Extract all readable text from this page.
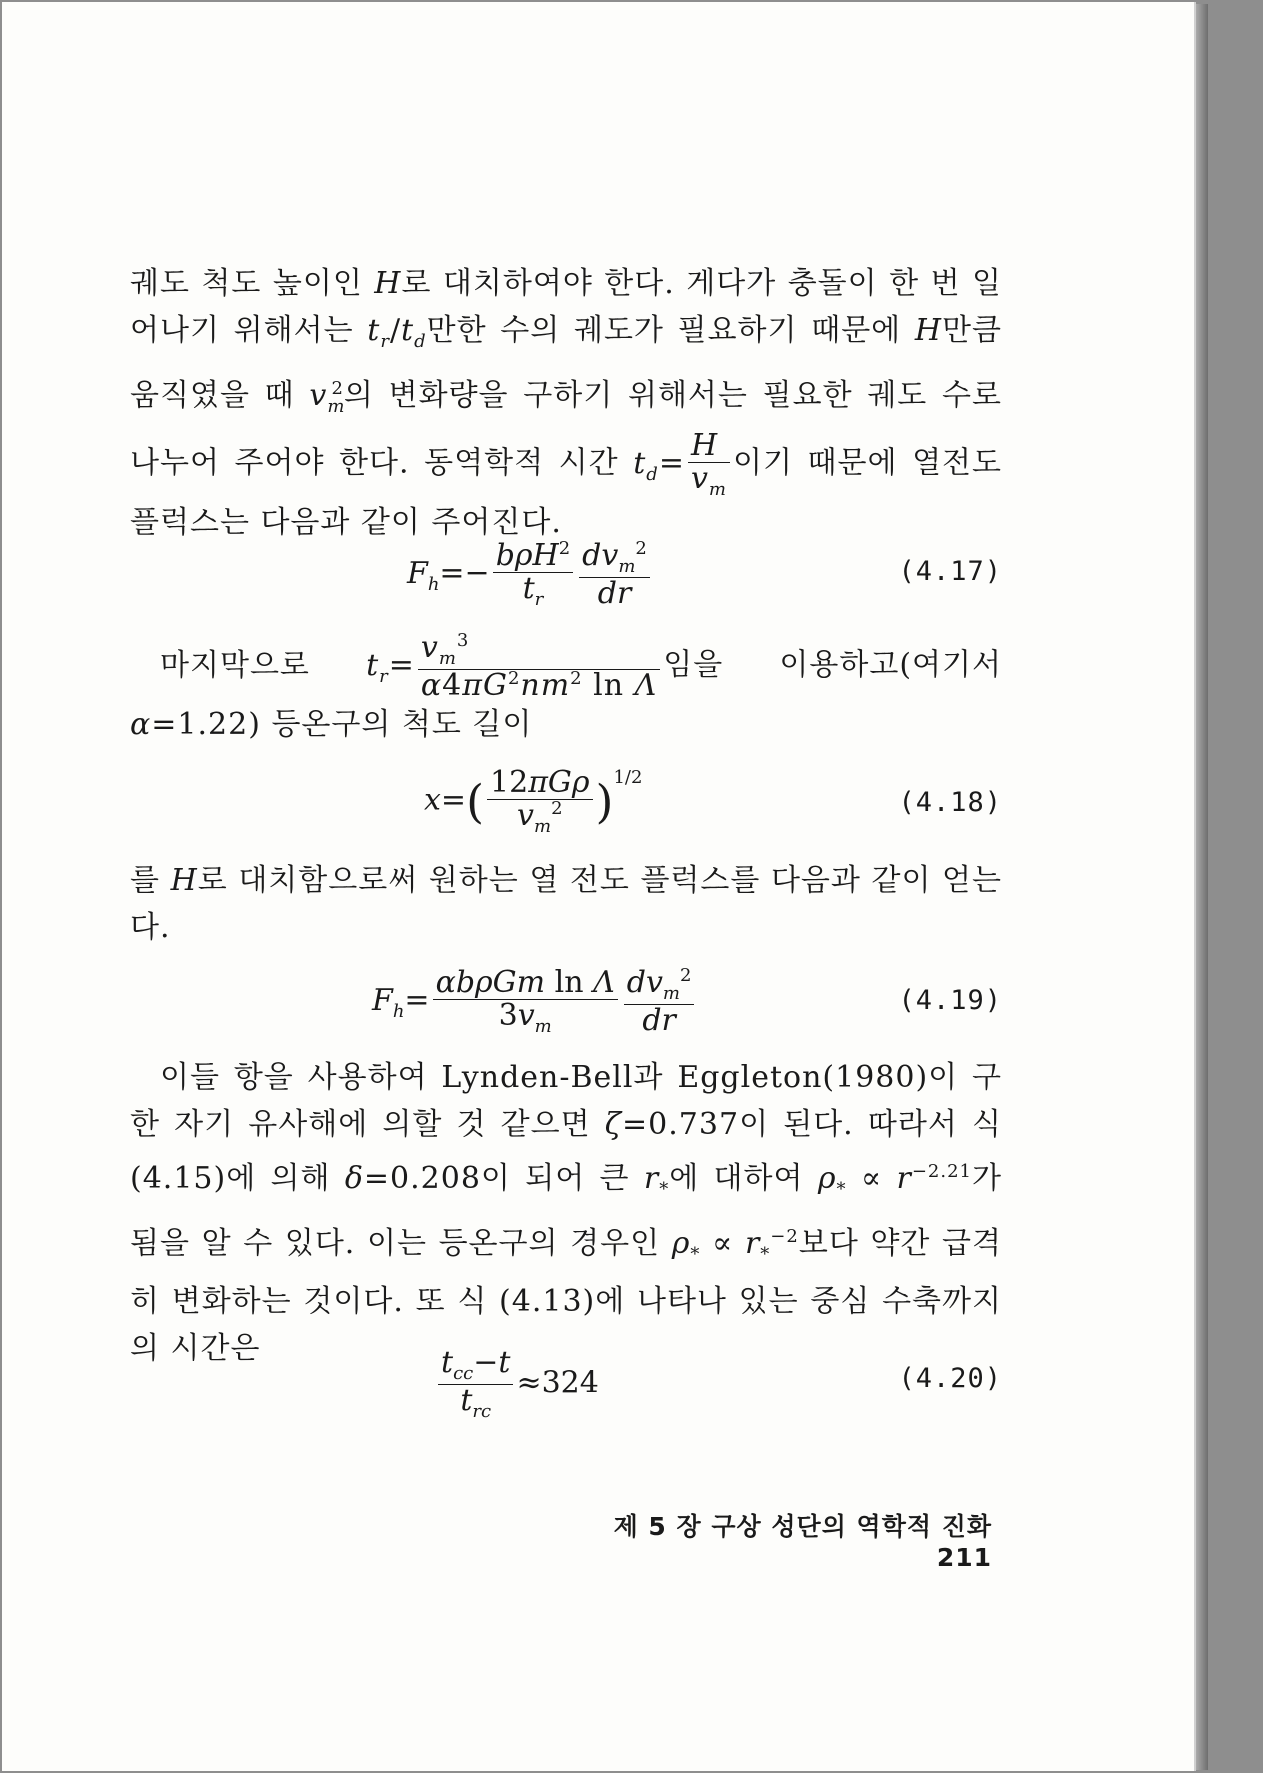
궤도 척도 높이인 H로 대치하여야 한다. 게다가 충돌이 한 번 일어나기 위해서는 $t_r/t_d$만한 수의 궤도가 필요하기 때문에 H만큼 움직였을 때 $v_m^2$의 변화량을 구하기 위해서는 필요한 궤도 수로 나누어 주어야 한다. 동역학적 시간 $t_d= \frac{H}{v_m}$ 이기 때문에 열전도 플럭스는 다음과 같이 주어진다.
$F_h=- \frac{b\rho H^2}{t_r} \frac{dv_m^2}{dr}$	(4.17)
마지막으로 $t_r= \frac{v_m^3}{\alpha 4\pi G^2nm^2 \ln \Lambda}$ 임을 이용하고(여기서 α=1.22) 등온구의 척도 길이
$x=( \frac{\text{12πGρ}}{v_m^2} )^{1/2}$
(4.18)
를 H로 대치함으로써 원하는 열 전도 플럭스를 다음과 같이 얻는다.
$F_h= \frac{\text{αbρGm ln Λ}}{3v_m} \frac{dv_m^2}{dr}$	(4.19)
이들 항을 사용하여 Lynden-Bell과 Eggleton(1980)이 구한 자기 유사해에 의할 것 같으면 ζ=0.737이 된다. 따라서 식 (4.15)에 의해 δ=0.208이 되어 큰 $r_*$에 대하여 $\rho_* \propto r^{-2.21}$가 됨을 알 수 있다. 이는 등온구의 경우인 $\rho_* \propto r_*^{-2}$보다 약간 급격히 변화하는 것이다. 또 식 (4.13)에 나타나 있는 중심 수축까지의 시간은	$\frac{t_{cc}-t}{t_{rc}} \approx 324$	(4.20)
제 5 장 구상 성단의 역학적 진화 211
